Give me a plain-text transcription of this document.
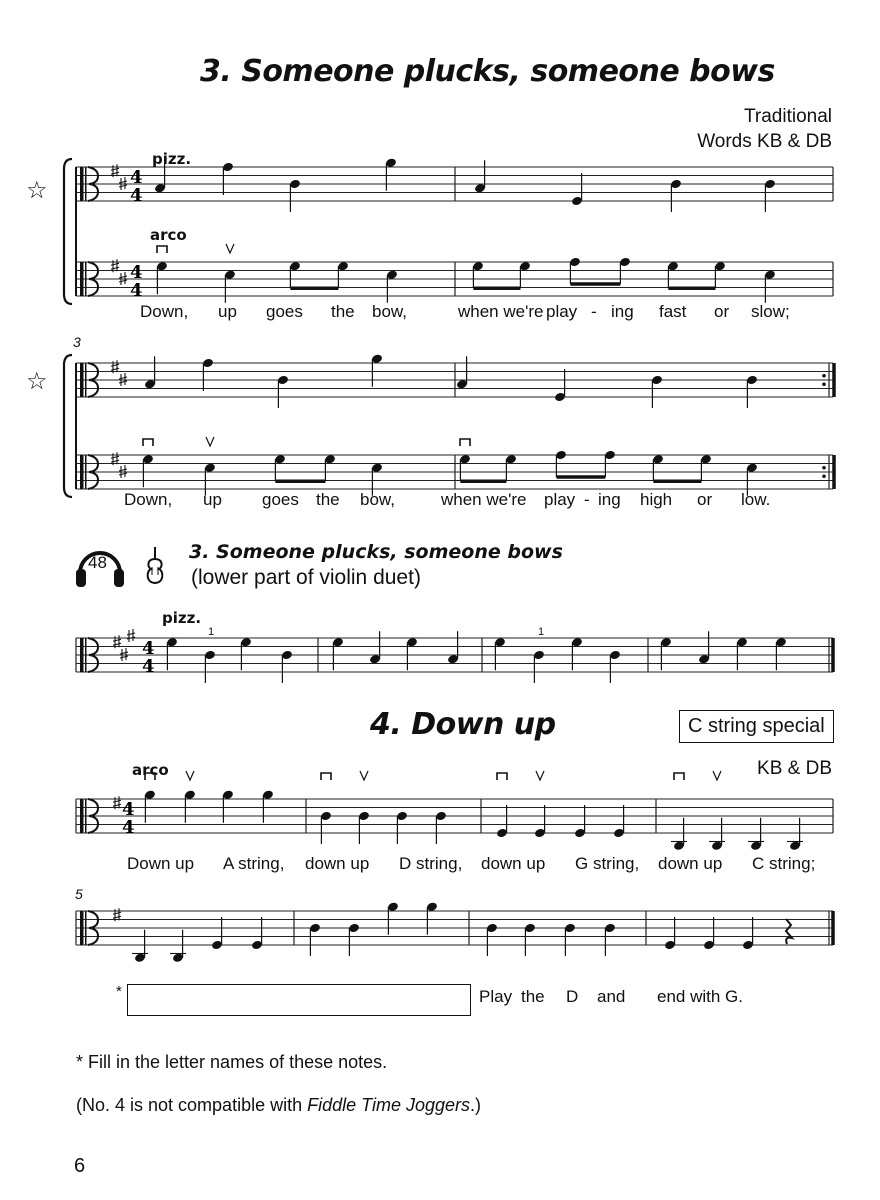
3. Someone plucks, someone bows
Traditional
Words KB & DB
4
4
4
4
4
4
4
4
☆
☆
pizz.
arco
Down, up goes the bow,	when we're play - ing fast or slow;
3
Down, up goes the bow,	when we're play - ing high or low.
48	3. Someone plucks, someone bows
(lower part of violin duet)
pizz.
1	1
4. Down up	C string special
KB & DB
arco
Down up A string, down up D string, down up G string, down up C string;
5
*	Play the D and end with G.
* Fill in the letter names of these notes.
(No. 4 is not compatible with Fiddle Time Joggers.)
6
